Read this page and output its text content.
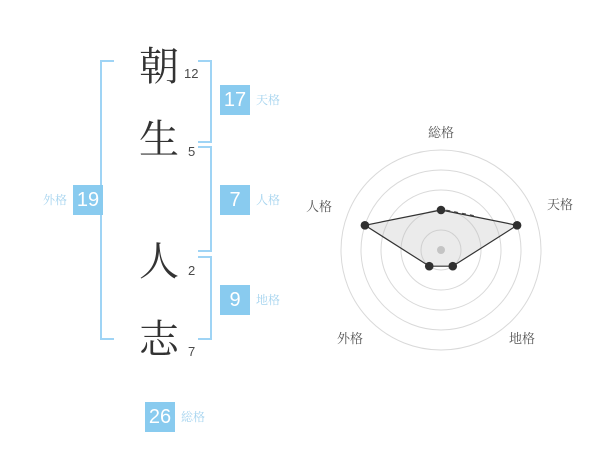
朝
生
人
志
12
5
2
7
17 天格
7	人格
9	地格
19
外格
26 総格
総格
天格
地格
外格
人格
